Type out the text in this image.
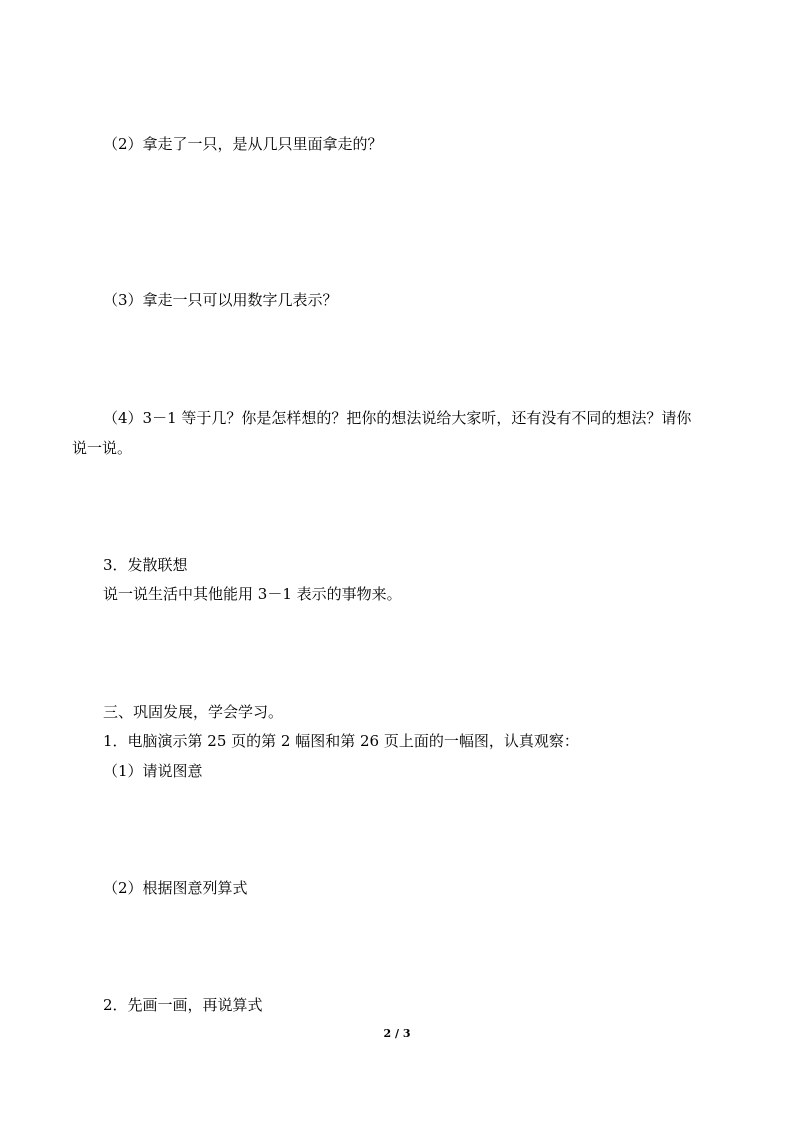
（2）拿走了一只，是从几只里面拿走的？
（3）拿走一只可以用数字几表示？
（4）3－1 等于几？你是怎样想的？把你的想法说给大家听，还有没有不同的想法？请你
说一说。
3．发散联想
说一说生活中其他能用 3－1 表示的事物来。
三、巩固发展，学会学习。
1．电脑演示第 25 页的第 2 幅图和第 26 页上面的一幅图，认真观察：
（1）请说图意
（2）根据图意列算式
2．先画一画，再说算式
2 / 3
